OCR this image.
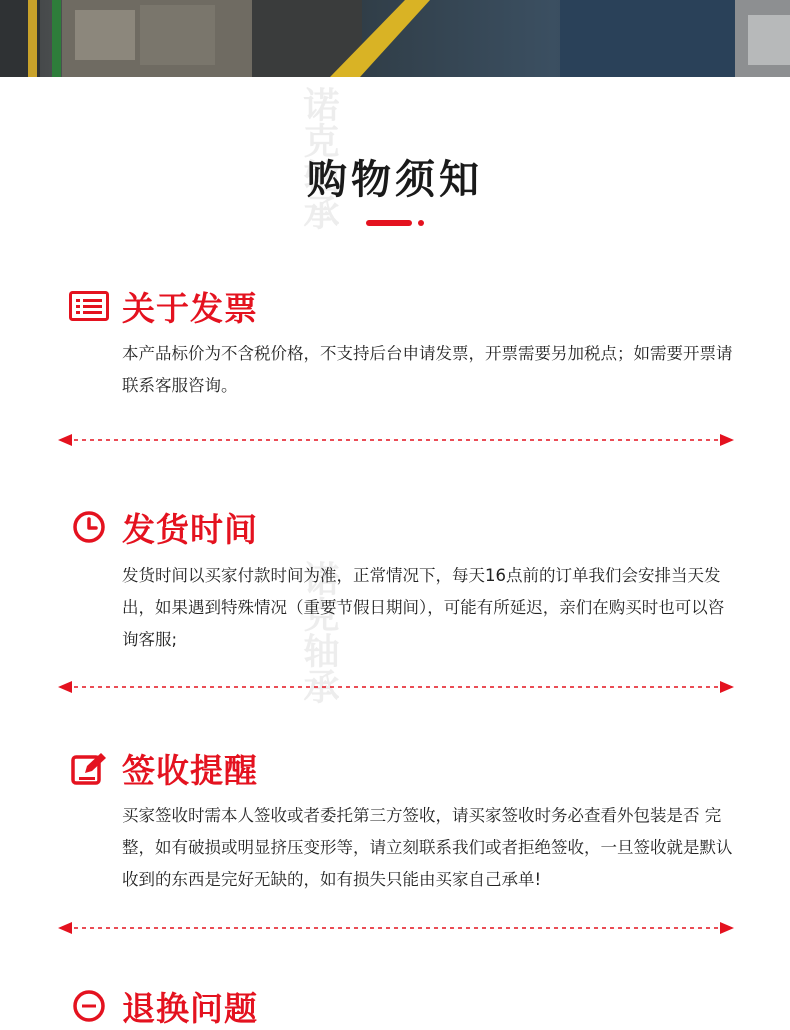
诺克轴承
诺克轴承
购物须知
关于发票

本产品标价为不含税价格，不支持后台申请发票，开票需要另加税点；如需要开票请联系客服咨询。

发货时间

发货时间以买家付款时间为准，正常情况下，每天16点前的订单我们会安排当天发出，如果遇到特殊情况（重要节假日期间），可能有所延迟，亲们在购买时也可以咨询客服;

签收提醒

买家签收时需本人签收或者委托第三方签收，请买家签收时务必查看外包装是否 完整，如有破损或明显挤压变形等，请立刻联系我们或者拒绝签收，一旦签收就是默认收到的东西是完好无缺的，如有损失只能由买家自己承单!

退换问题
